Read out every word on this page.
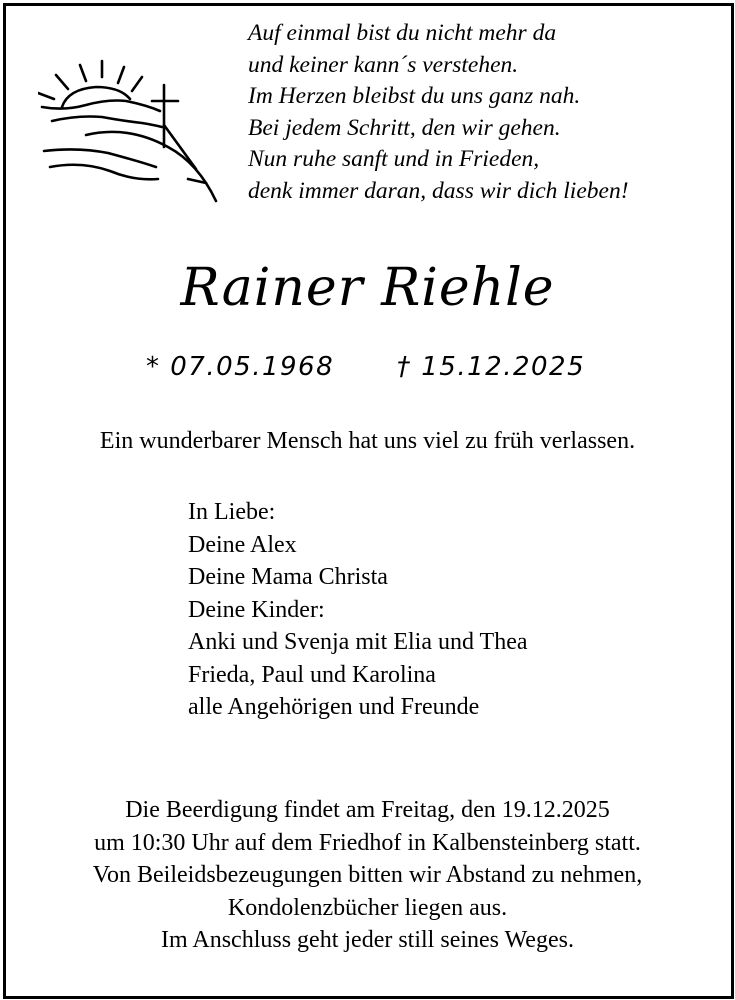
Auf einmal bist du nicht mehr da
und keiner kann´s verstehen.
Im Herzen bleibst du uns ganz nah.
Bei jedem Schritt, den wir gehen.
Nun ruhe sanft und in Frieden,
denk immer daran, dass wir dich lieben!
Rainer Riehle
* 07.05.1968 † 15.12.2025
Ein wunderbarer Mensch hat uns viel zu früh verlassen.
In Liebe:
Deine Alex
Deine Mama Christa
Deine Kinder:
Anki und Svenja mit Elia und Thea
Frieda, Paul und Karolina
alle Angehörigen und Freunde
Die Beerdigung findet am Freitag, den 19.12.2025
um 10:30 Uhr auf dem Friedhof in Kalbensteinberg statt.
Von Beileidsbezeugungen bitten wir Abstand zu nehmen,
Kondolenzbücher liegen aus.
Im Anschluss geht jeder still seines Weges.
